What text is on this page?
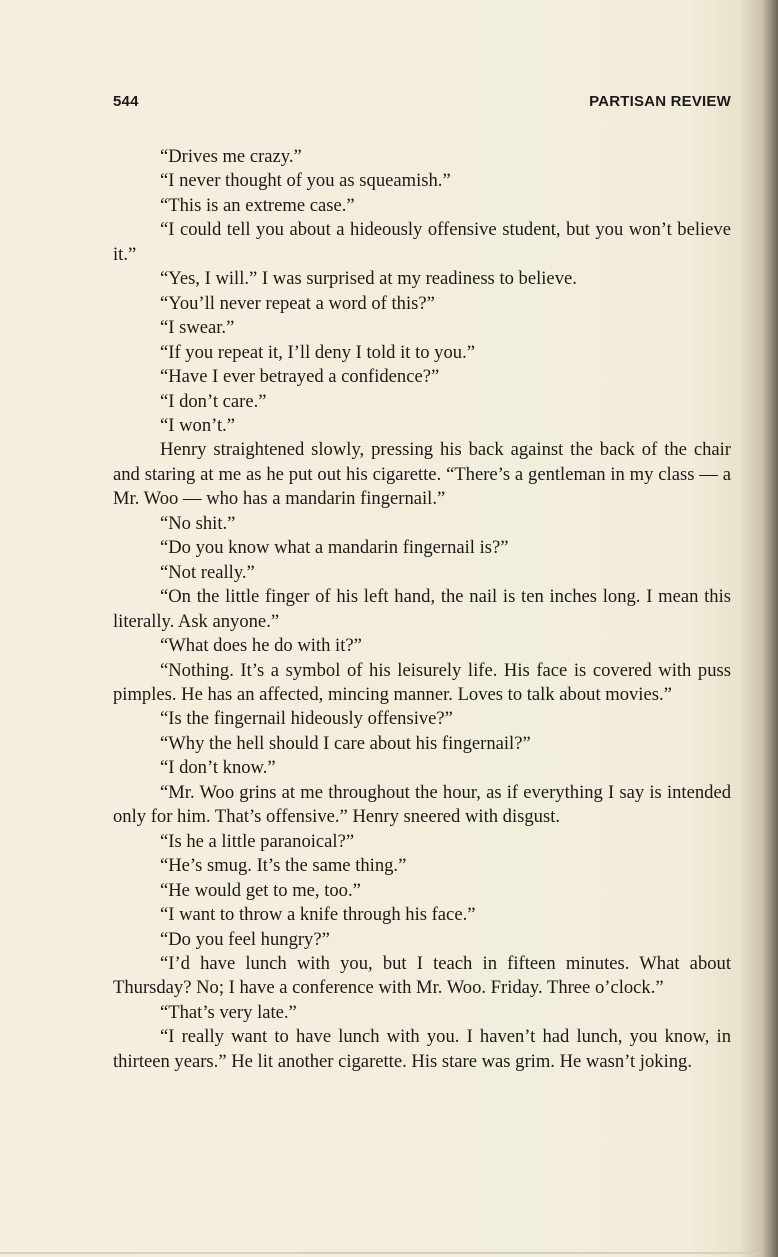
544	PARTISAN REVIEW

“Drives me crazy.”

“I never thought of you as squeamish.”

“This is an extreme case.”

“I could tell you about a hideously offensive student, but you won’t believe it.”

“Yes, I will.” I was surprised at my readiness to believe.

“You’ll never repeat a word of this?”

“I swear.”

“If you repeat it, I’ll deny I told it to you.”

“Have I ever betrayed a confidence?”

“I don’t care.”

“I won’t.”

Henry straightened slowly, pressing his back against the back of the chair and staring at me as he put out his cigarette. “There’s a gentleman in my class — a Mr. Woo — who has a mandarin fingernail.”

“No shit.”

“Do you know what a mandarin fingernail is?”

“Not really.”

“On the little finger of his left hand, the nail is ten inches long. I mean this literally. Ask anyone.”

“What does he do with it?”

“Nothing. It’s a symbol of his leisurely life. His face is covered with puss pimples. He has an affected, mincing manner. Loves to talk about movies.”

“Is the fingernail hideously offensive?”

“Why the hell should I care about his fingernail?”

“I don’t know.”

“Mr. Woo grins at me throughout the hour, as if everything I say is intended only for him. That’s offensive.” Henry sneered with disgust.

“Is he a little paranoical?”

“He’s smug. It’s the same thing.”

“He would get to me, too.”

“I want to throw a knife through his face.”

“Do you feel hungry?”

“I’d have lunch with you, but I teach in fifteen minutes. What about Thursday? No; I have a conference with Mr. Woo. Friday. Three o’clock.”

“That’s very late.”

“I really want to have lunch with you. I haven’t had lunch, you know, in thirteen years.” He lit another cigarette. His stare was grim. He wasn’t joking.
